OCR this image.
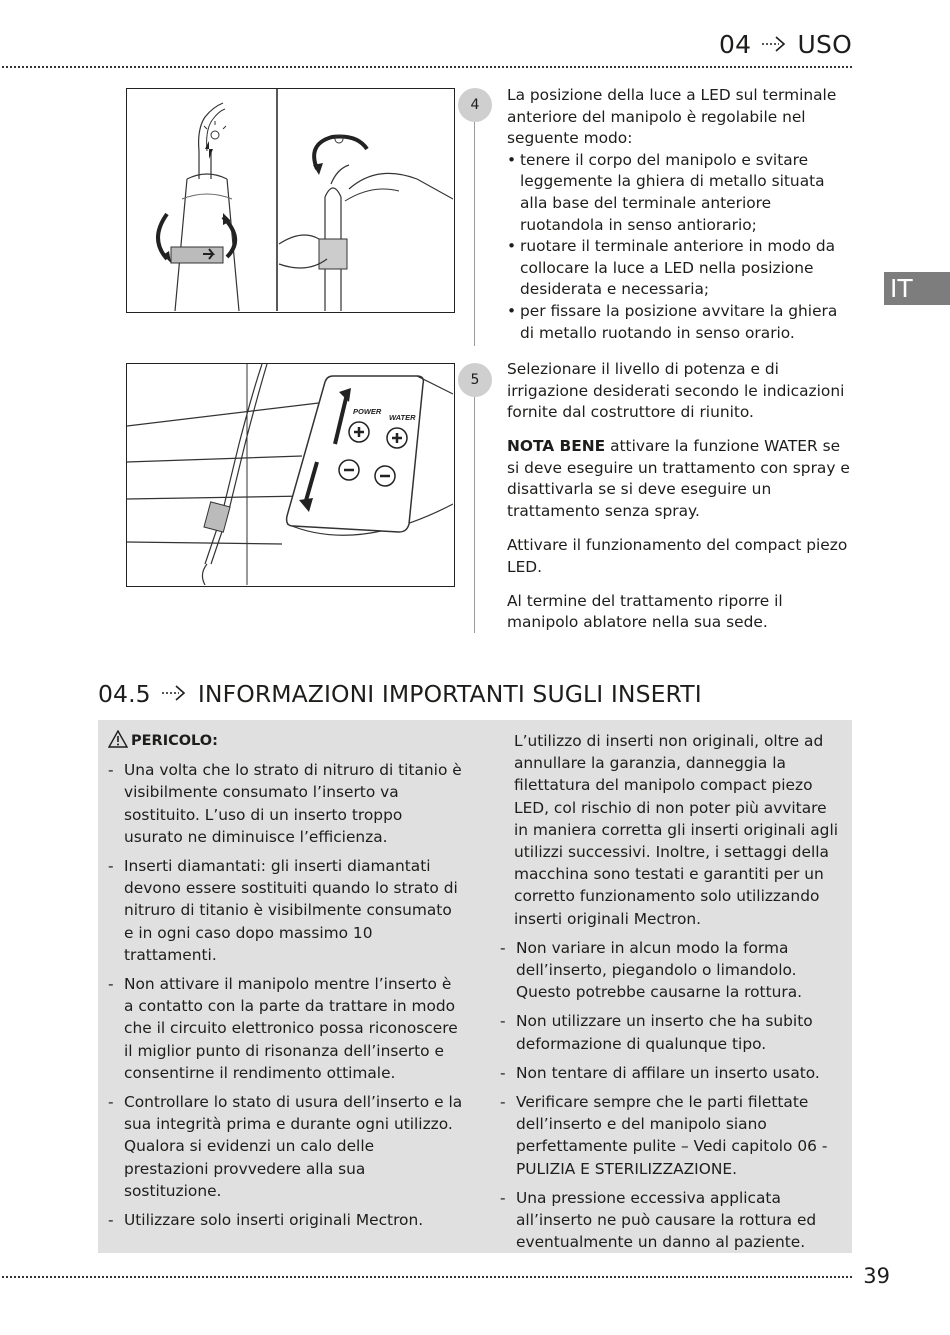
04 USO
IT
POWER
WATER
4

La posizione della luce a LED sul terminale anteriore del manipolo è regolabile nel seguente modo:

• tenere il corpo del manipolo e svitare leggemente la ghiera di metallo situata alla base del terminale anteriore ruotandola in senso antiorario;
• ruotare il terminale anteriore in modo da collocare la luce a LED nella posizione desiderata e necessaria;
• per fissare la posizione avvitare la ghiera di metallo ruotando in senso orario.
5

Selezionare il livello di potenza e di irrigazione desiderati secondo le indicazioni fornite dal costruttore di riunito.

NOTA BENE attivare la funzione WATER se si deve eseguire un trattamento con spray e disattivarla se si deve eseguire un trattamento senza spray.

Attivare il funzionamento del compact piezo LED.

Al termine del trattamento riporre il manipolo ablatore nella sua sede.

04.5 INFORMAZIONI IMPORTANTI SUGLI INSERTI
PERICOLO:
- Una volta che lo strato di nitruro di titanio è visibilmente consumato l’inserto va sostituito. L’uso di un inserto troppo usurato ne diminuisce l’efficienza.
- Inserti diamantati: gli inserti diamantati devono essere sostituiti quando lo strato di nitruro di titanio è visibilmente consumato e in ogni caso dopo massimo 10 trattamenti.
- Non attivare il manipolo mentre l’inserto è a contatto con la parte da trattare in modo che il circuito elettronico possa riconoscere il miglior punto di risonanza dell’inserto e consentirne il rendimento ottimale.
- Controllare lo stato di usura dell’inserto e la sua integrità prima e durante ogni utilizzo. Qualora si evidenzi un calo delle prestazioni provvedere alla sua sostituzione.
- Utilizzare solo inserti originali Mectron.
L’utilizzo di inserti non originali, oltre ad annullare la garanzia, danneggia la filettatura del manipolo compact piezo LED, col rischio di non poter più avvitare in maniera corretta gli inserti originali agli utilizzi successivi. Inoltre, i settaggi della macchina sono testati e garantiti per un corretto funzionamento solo utilizzando inserti originali Mectron.
- Non variare in alcun modo la forma dell’inserto, piegandolo o limandolo. Questo potrebbe causarne la rottura.
- Non utilizzare un inserto che ha subito deformazione di qualunque tipo.
- Non tentare di affilare un inserto usato.
- Verificare sempre che le parti filettate dell’inserto e del manipolo siano perfettamente pulite – Vedi capitolo 06 - PULIZIA E STERILIZZAZIONE.
- Una pressione eccessiva applicata all’inserto ne può causare la rottura ed eventualmente un danno al paziente.
39
